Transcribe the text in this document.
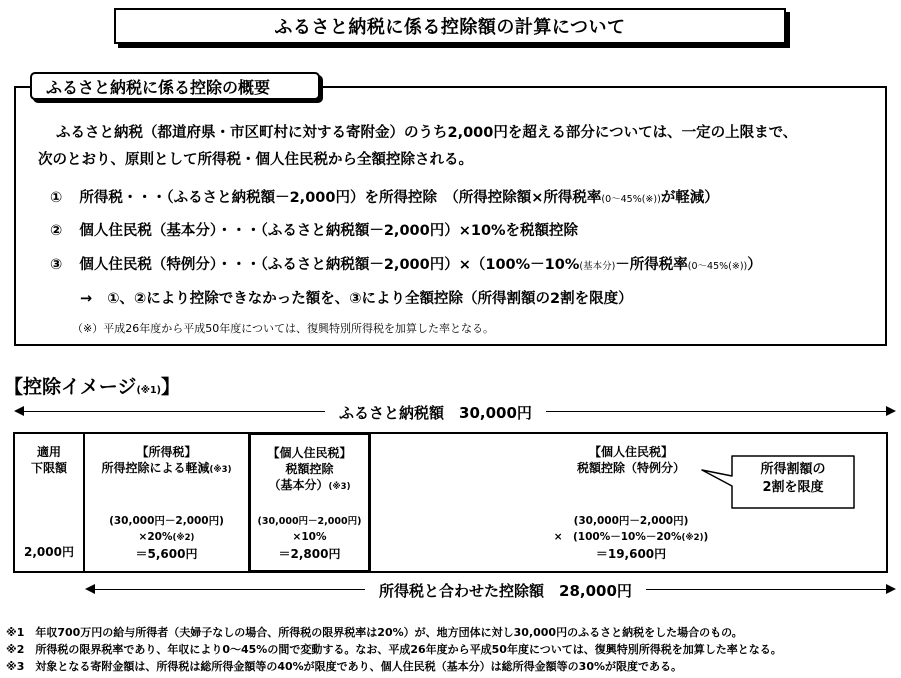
ふるさと納税に係る控除額の計算について
ふるさと納税に係る控除の概要
ふるさと納税（都道府県・市区町村に対する寄附金）のうち2,000円を超える部分については、一定の上限まで、
次のとおり、原則として所得税・個人住民税から全額控除される。
① 所得税・・・（ふるさと納税額－2,000円）を所得控除　（所得控除額×所得税率(0～45%(※))が軽減）
② 個人住民税（基本分）・・・（ふるさと納税額－2,000円）×10%を税額控除
③ 個人住民税（特例分）・・・（ふるさと納税額－2,000円）×（100%－10%(基本分)－所得税率(0～45%(※))）
→ ①、②により控除できなかった額を、③により全額控除（所得割額の2割を限度）
（※）平成26年度から平成50年度については、復興特別所得税を加算した率となる。
【控除イメージ(※1)】
ふるさと納税額　30,000円
適用
下限額
2,000円
【所得税】
所得控除による軽減(※3)
(30,000円－2,000円)
×20%(※2)
＝5,600円
【個人住民税】
税額控除
（基本分）(※3)
(30,000円－2,000円)
×10%
＝2,800円
【個人住民税】
税額控除（特例分）
(30,000円－2,000円)
×　(100%－10%－20%(※2))
＝19,600円
所得割額の
2割を限度
所得税と合わせた控除額　28,000円
※1　年収700万円の給与所得者（夫婦子なしの場合、所得税の限界税率は20%）が、地方団体に対し30,000円のふるさと納税をした場合のもの。
※2　所得税の限界税率であり、年収により0～45%の間で変動する。なお、平成26年度から平成50年度については、復興特別所得税を加算した率となる。
※3　対象となる寄附金額は、所得税は総所得金額等の40%が限度であり、個人住民税（基本分）は総所得金額等の30%が限度である。
